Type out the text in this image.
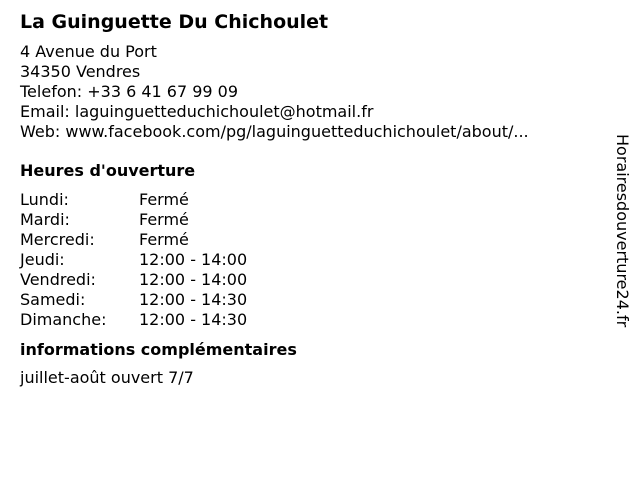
La Guinguette Du Chichoulet
4 Avenue du Port
34350 Vendres
Telefon: +33 6 41 67 99 09
Email: laguinguetteduchichoulet@hotmail.fr
Web: www.facebook.com/pg/laguinguetteduchichoulet/about/...
Heures d'ouverture
Lundi:	Fermé
Mardi:	Fermé
Mercredi:	Fermé
Jeudi:	12:00 - 14:00
Vendredi:	12:00 - 14:00
Samedi:	12:00 - 14:30
Dimanche:	12:00 - 14:30
informations complémentaires
juillet-août ouvert 7/7
Horairesdouverture24.fr
